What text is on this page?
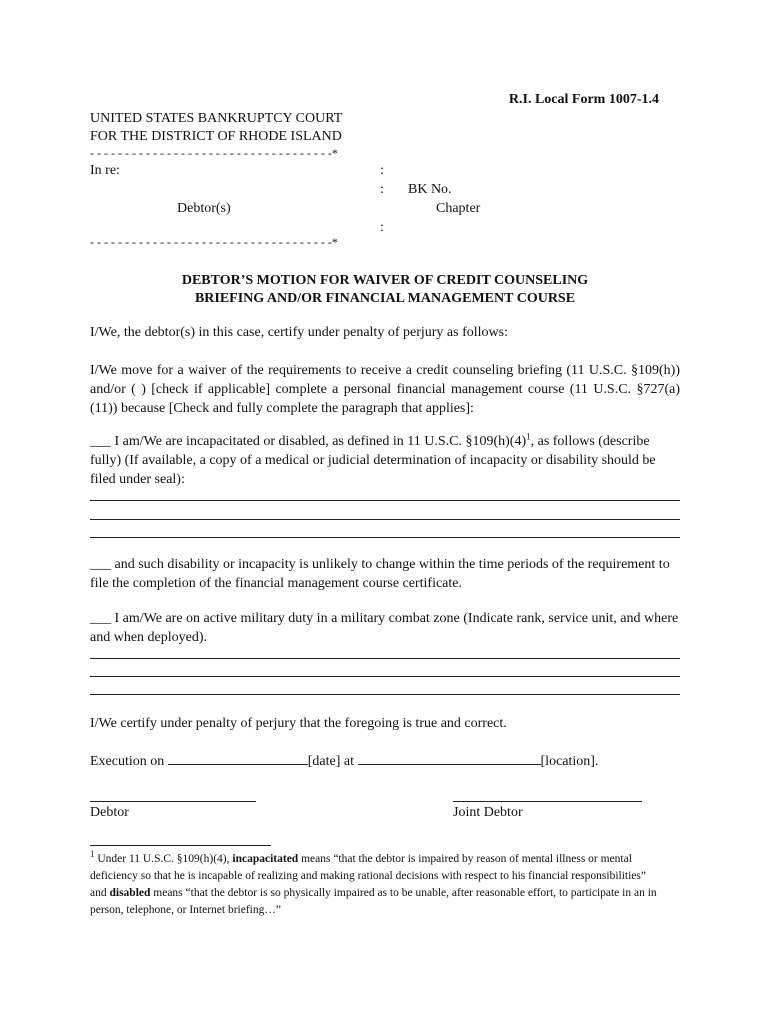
R.I. Local Form 1007-1.4
UNITED STATES BANKRUPTCY COURT
FOR THE DISTRICT OF RHODE ISLAND
- - - - - - - - - - - - - - - - - - - - - - - - - - - - - - - - - - -*
In re:	:
: BK No.
Debtor(s)	Chapter
:
- - - - - - - - - - - - - - - - - - - - - - - - - - - - - - - - - - -*
DEBTOR’S MOTION FOR WAIVER OF CREDIT COUNSELING
BRIEFING AND/OR FINANCIAL MANAGEMENT COURSE
I/We, the debtor(s) in this case, certify under penalty of perjury as follows:
I/We move for a waiver of the requirements to receive a credit counseling briefing (11 U.S.C. §109(h)) and/or ( ) [check if applicable] complete a personal financial management course (11 U.S.C. §727(a)(11)) because [Check and fully complete the paragraph that applies]:
___ I am/We are incapacitated or disabled, as defined in 11 U.S.C. $\S 109(h)(4)^1$, as follows (describe fully) (If available, a copy of a medical or judicial determination of incapacity or disability should be filed under seal):
___ and such disability or incapacity is unlikely to change within the time periods of the requirement to file the completion of the financial management course certificate.
___ I am/We are on active military duty in a military combat zone (Indicate rank, service unit, and where and when deployed).
I/We certify under penalty of perjury that the foregoing is true and correct.
Execution on	[date] at	[location].
Debtor	Joint Debtor
$^1$ Under 11 U.S.C. §109(h)(4), incapacitated means “that the debtor is impaired by reason of mental illness or mental deficiency so that he is incapable of realizing and making rational decisions with respect to his financial responsibilities” and disabled means “that the debtor is so physically impaired as to be unable, after reasonable effort, to participate in an in person, telephone, or Internet briefing…”
